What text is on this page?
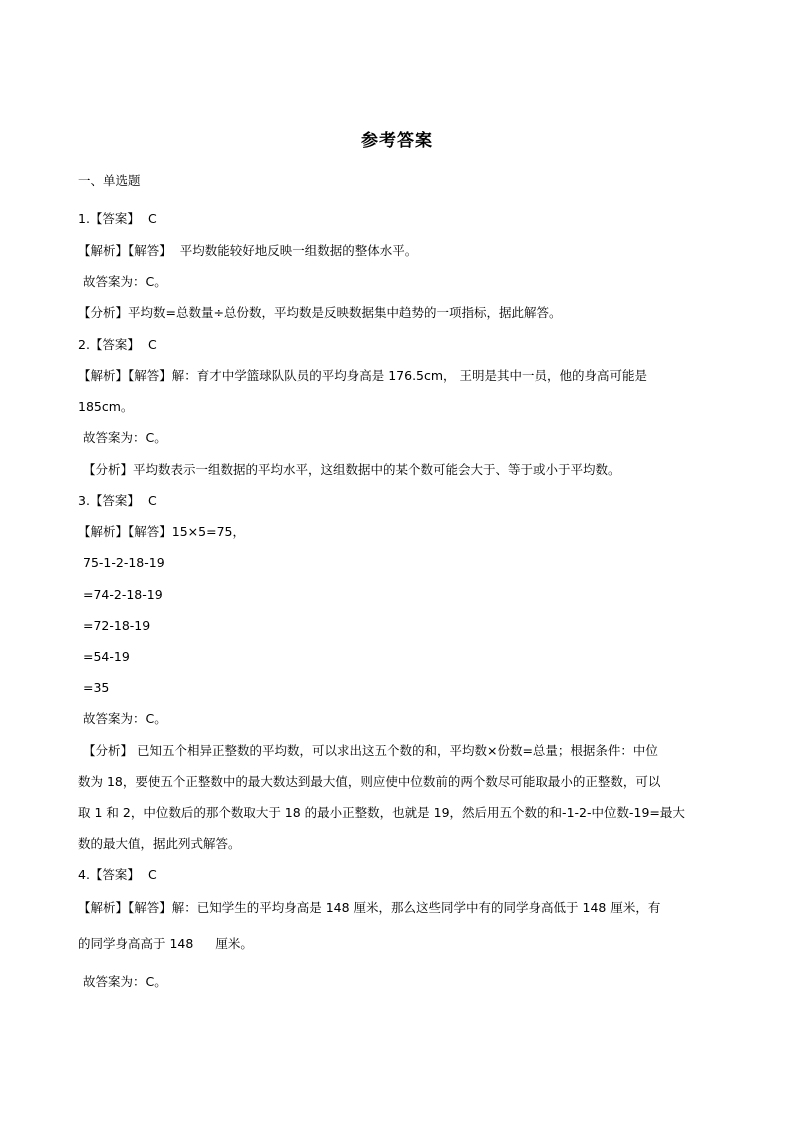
参考答案
一、单选题
1.【答案】 C
【解析】【解答】 平均数能较好地反映一组数据的整体水平。
故答案为：C。
【分析】平均数=总数量÷总份数，平均数是反映数据集中趋势的一项指标，据此解答。
2.【答案】 C
【解析】【解答】解：育才中学篮球队队员的平均身高是 176.5cm， 王明是其中一员，他的身高可能是
185cm。
故答案为：C。
【分析】平均数表示一组数据的平均水平，这组数据中的某个数可能会大于、等于或小于平均数。
3.【答案】 C
【解析】【解答】15×5=75，
75-1-2-18-19
=74-2-18-19
=72-18-19
=54-19
=35
故答案为：C。
【分析】 已知五个相异正整数的平均数，可以求出这五个数的和，平均数×份数=总量；根据条件：中位
数为 18，要使五个正整数中的最大数达到最大值，则应使中位数前的两个数尽可能取最小的正整数，可以
取 1 和 2，中位数后的那个数取大于 18 的最小正整数，也就是 19，然后用五个数的和-1-2-中位数-19=最大
数的最大值，据此列式解答。
4.【答案】 C
【解析】【解答】解：已知学生的平均身高是 148 厘米，那么这些同学中有的同学身高低于 148 厘米，有
的同学身高高于 148 厘米。
故答案为：C。
